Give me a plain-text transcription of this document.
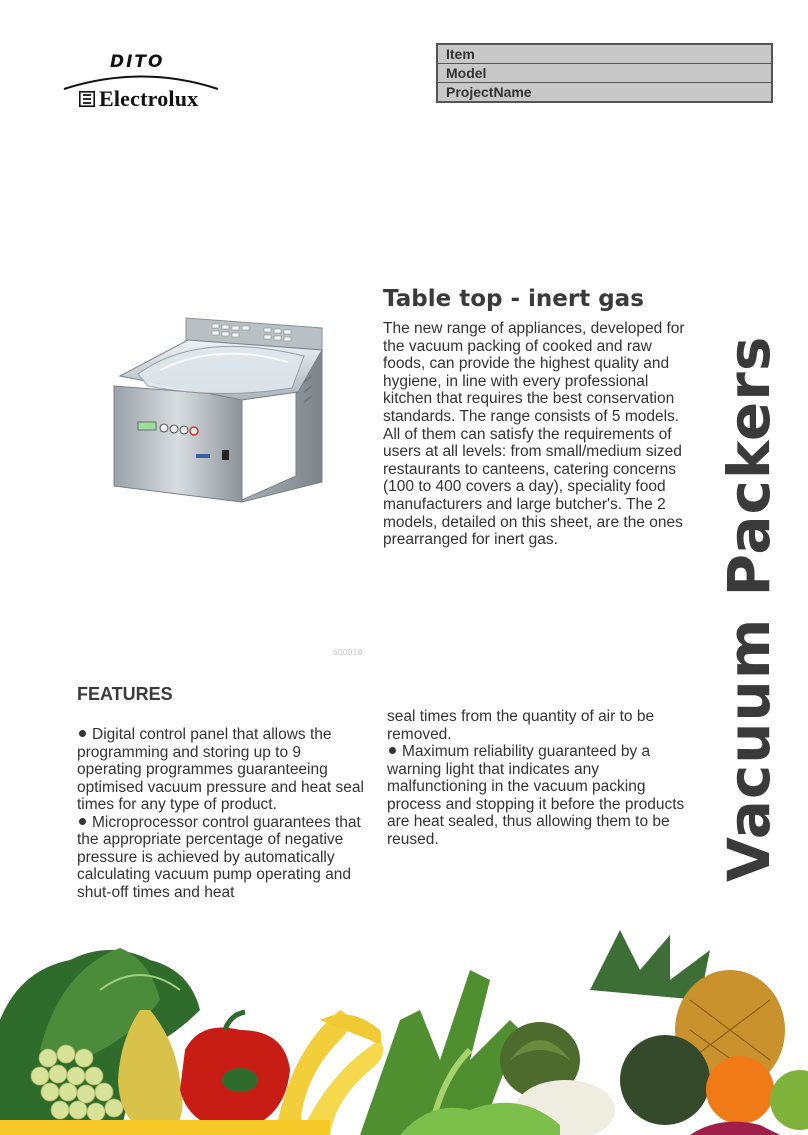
DITO
Electrolux
Item
Model
ProjectName
600018
Table top - inert gas
The new range of appliances, developed for the vacuum packing of cooked and raw foods, can provide the highest quality and hygiene, in line with every professional kitchen that requires the best conservation standards. The range consists of 5 models. All of them can satisfy the requirements of users at all levels: from small/medium sized restaurants to canteens, catering concerns (100 to 400 covers a day), speciality food manufacturers and large butcher's. The 2 models, detailed on this sheet, are the ones prearranged for inert gas.	Vacuum Packers
FEATURES
Digital control panel that allows the programming and storing up to 9 operating programmes guaranteeing optimised vacuum pressure and heat seal times for any type of product.
Microprocessor control guarantees that the appropriate percentage of negative pressure is achieved by automatically calculating vacuum pump operating and shut-off times and heat
seal times from the quantity of air to be removed.
Maximum reliability guaranteed by a warning light that indicates any malfunctioning in the vacuum packing process and stopping it before the products are heat sealed, thus allowing them to be reused.
